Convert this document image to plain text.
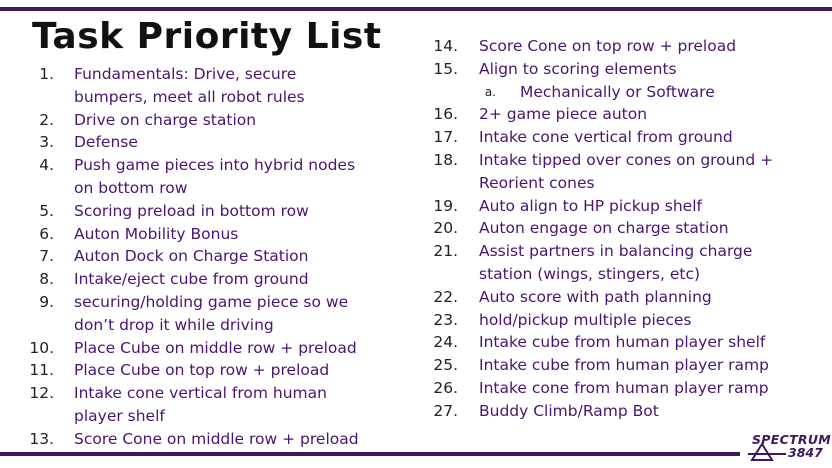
Task Priority List
1. Fundamentals: Drive, secure
bumpers, meet all robot rules
2. Drive on charge station
3. Defense
4. Push game pieces into hybrid nodes
on bottom row
5. Scoring preload in bottom row
6. Auton Mobility Bonus
7. Auton Dock on Charge Station
8. Intake/eject cube from ground
9. securing/holding game piece so we
don’t drop it while driving
10. Place Cube on middle row + preload
11. Place Cube on top row + preload
12. Intake cone vertical from human
player shelf
13. Score Cone on middle row + preload
14. Score Cone on top row + preload
15. Align to scoring elements
a. Mechanically or Software
16. 2+ game piece auton
17. Intake cone vertical from ground
18. Intake tipped over cones on ground +
Reorient cones
19. Auto align to HP pickup shelf
20. Auton engage on charge station
21. Assist partners in balancing charge
station (wings, stingers, etc)
22. Auto score with path planning
23. hold/pickup multiple pieces
24. Intake cube from human player shelf
25. Intake cube from human player ramp
26. Intake cone from human player ramp
27. Buddy Climb/Ramp Bot
SPECTRUM
3847
